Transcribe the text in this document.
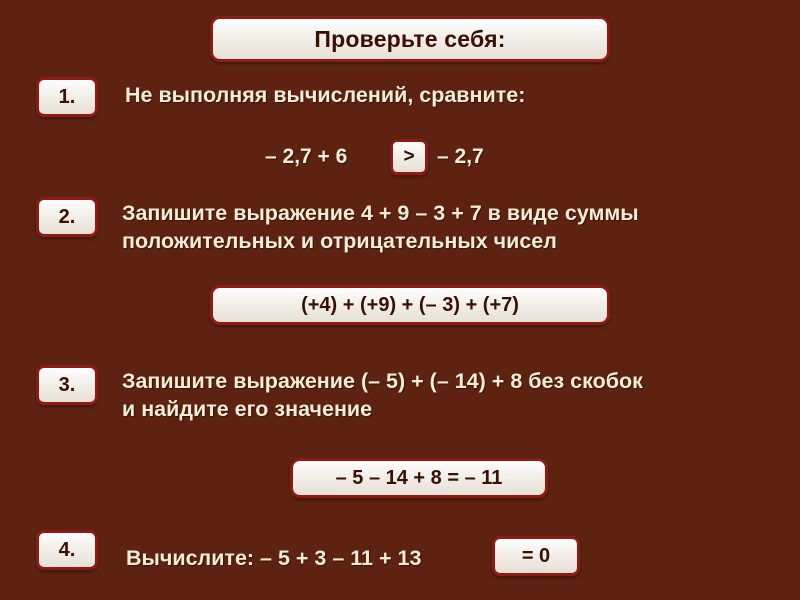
Проверьте себя:
1.	Не выполняя вычислений, сравните:
– 2,7 + 6	>	– 2,7
2.	Запишите выражение 4 + 9 – 3 + 7 в виде суммы
положительных и отрицательных чисел
(+4) + (+9) + (– 3) + (+7)
3.	Запишите выражение (– 5) + (– 14) + 8 без скобок
и найдите его значение
– 5 – 14 + 8 = – 11
4.	Вычислите: – 5 + 3 – 11 + 13	= 0
